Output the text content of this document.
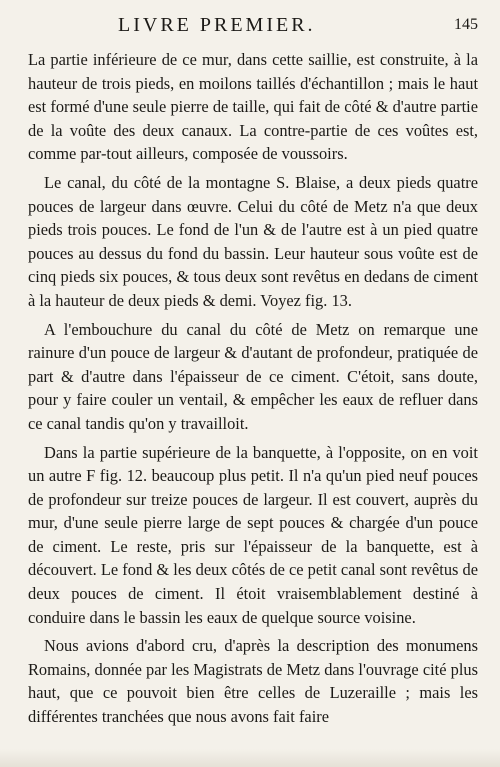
LIVRE PREMIER.	145

La partie inférieure de ce mur, dans cette saillie, est construite, à la hauteur de trois pieds, en moilons taillés d'échantillon ; mais le haut est formé d'une seule pierre de taille, qui fait de côté & d'autre partie de la voûte des deux canaux. La contre-partie de ces voûtes est, comme par-tout ailleurs, composée de voussoirs.

Le canal, du côté de la montagne S. Blaise, a deux pieds quatre pouces de largeur dans œuvre. Celui du côté de Metz n'a que deux pieds trois pouces. Le fond de l'un & de l'autre est à un pied quatre pouces au dessus du fond du bassin. Leur hauteur sous voûte est de cinq pieds six pouces, & tous deux sont revêtus en dedans de ciment à la hauteur de deux pieds & demi. Voyez fig. 13.

A l'embouchure du canal du côté de Metz on remarque une rainure d'un pouce de largeur & d'autant de profondeur, pratiquée de part & d'autre dans l'épaisseur de ce ciment. C'étoit, sans doute, pour y faire couler un ventail, & empêcher les eaux de refluer dans ce canal tandis qu'on y travailloit.

Dans la partie supérieure de la banquette, à l'opposite, on en voit un autre F fig. 12. beaucoup plus petit. Il n'a qu'un pied neuf pouces de profondeur sur treize pouces de largeur. Il est couvert, auprès du mur, d'une seule pierre large de sept pouces & chargée d'un pouce de ciment. Le reste, pris sur l'épaisseur de la banquette, est à découvert. Le fond & les deux côtés de ce petit canal sont revêtus de deux pouces de ciment. Il étoit vraisemblablement destiné à conduire dans le bassin les eaux de quelque source voisine.

Nous avions d'abord cru, d'après la description des monumens Romains, donnée par les Magistrats de Metz dans l'ouvrage cité plus haut, que ce pouvoit bien être celles de Luzeraille ; mais les différentes tranchées que nous avons fait faire
